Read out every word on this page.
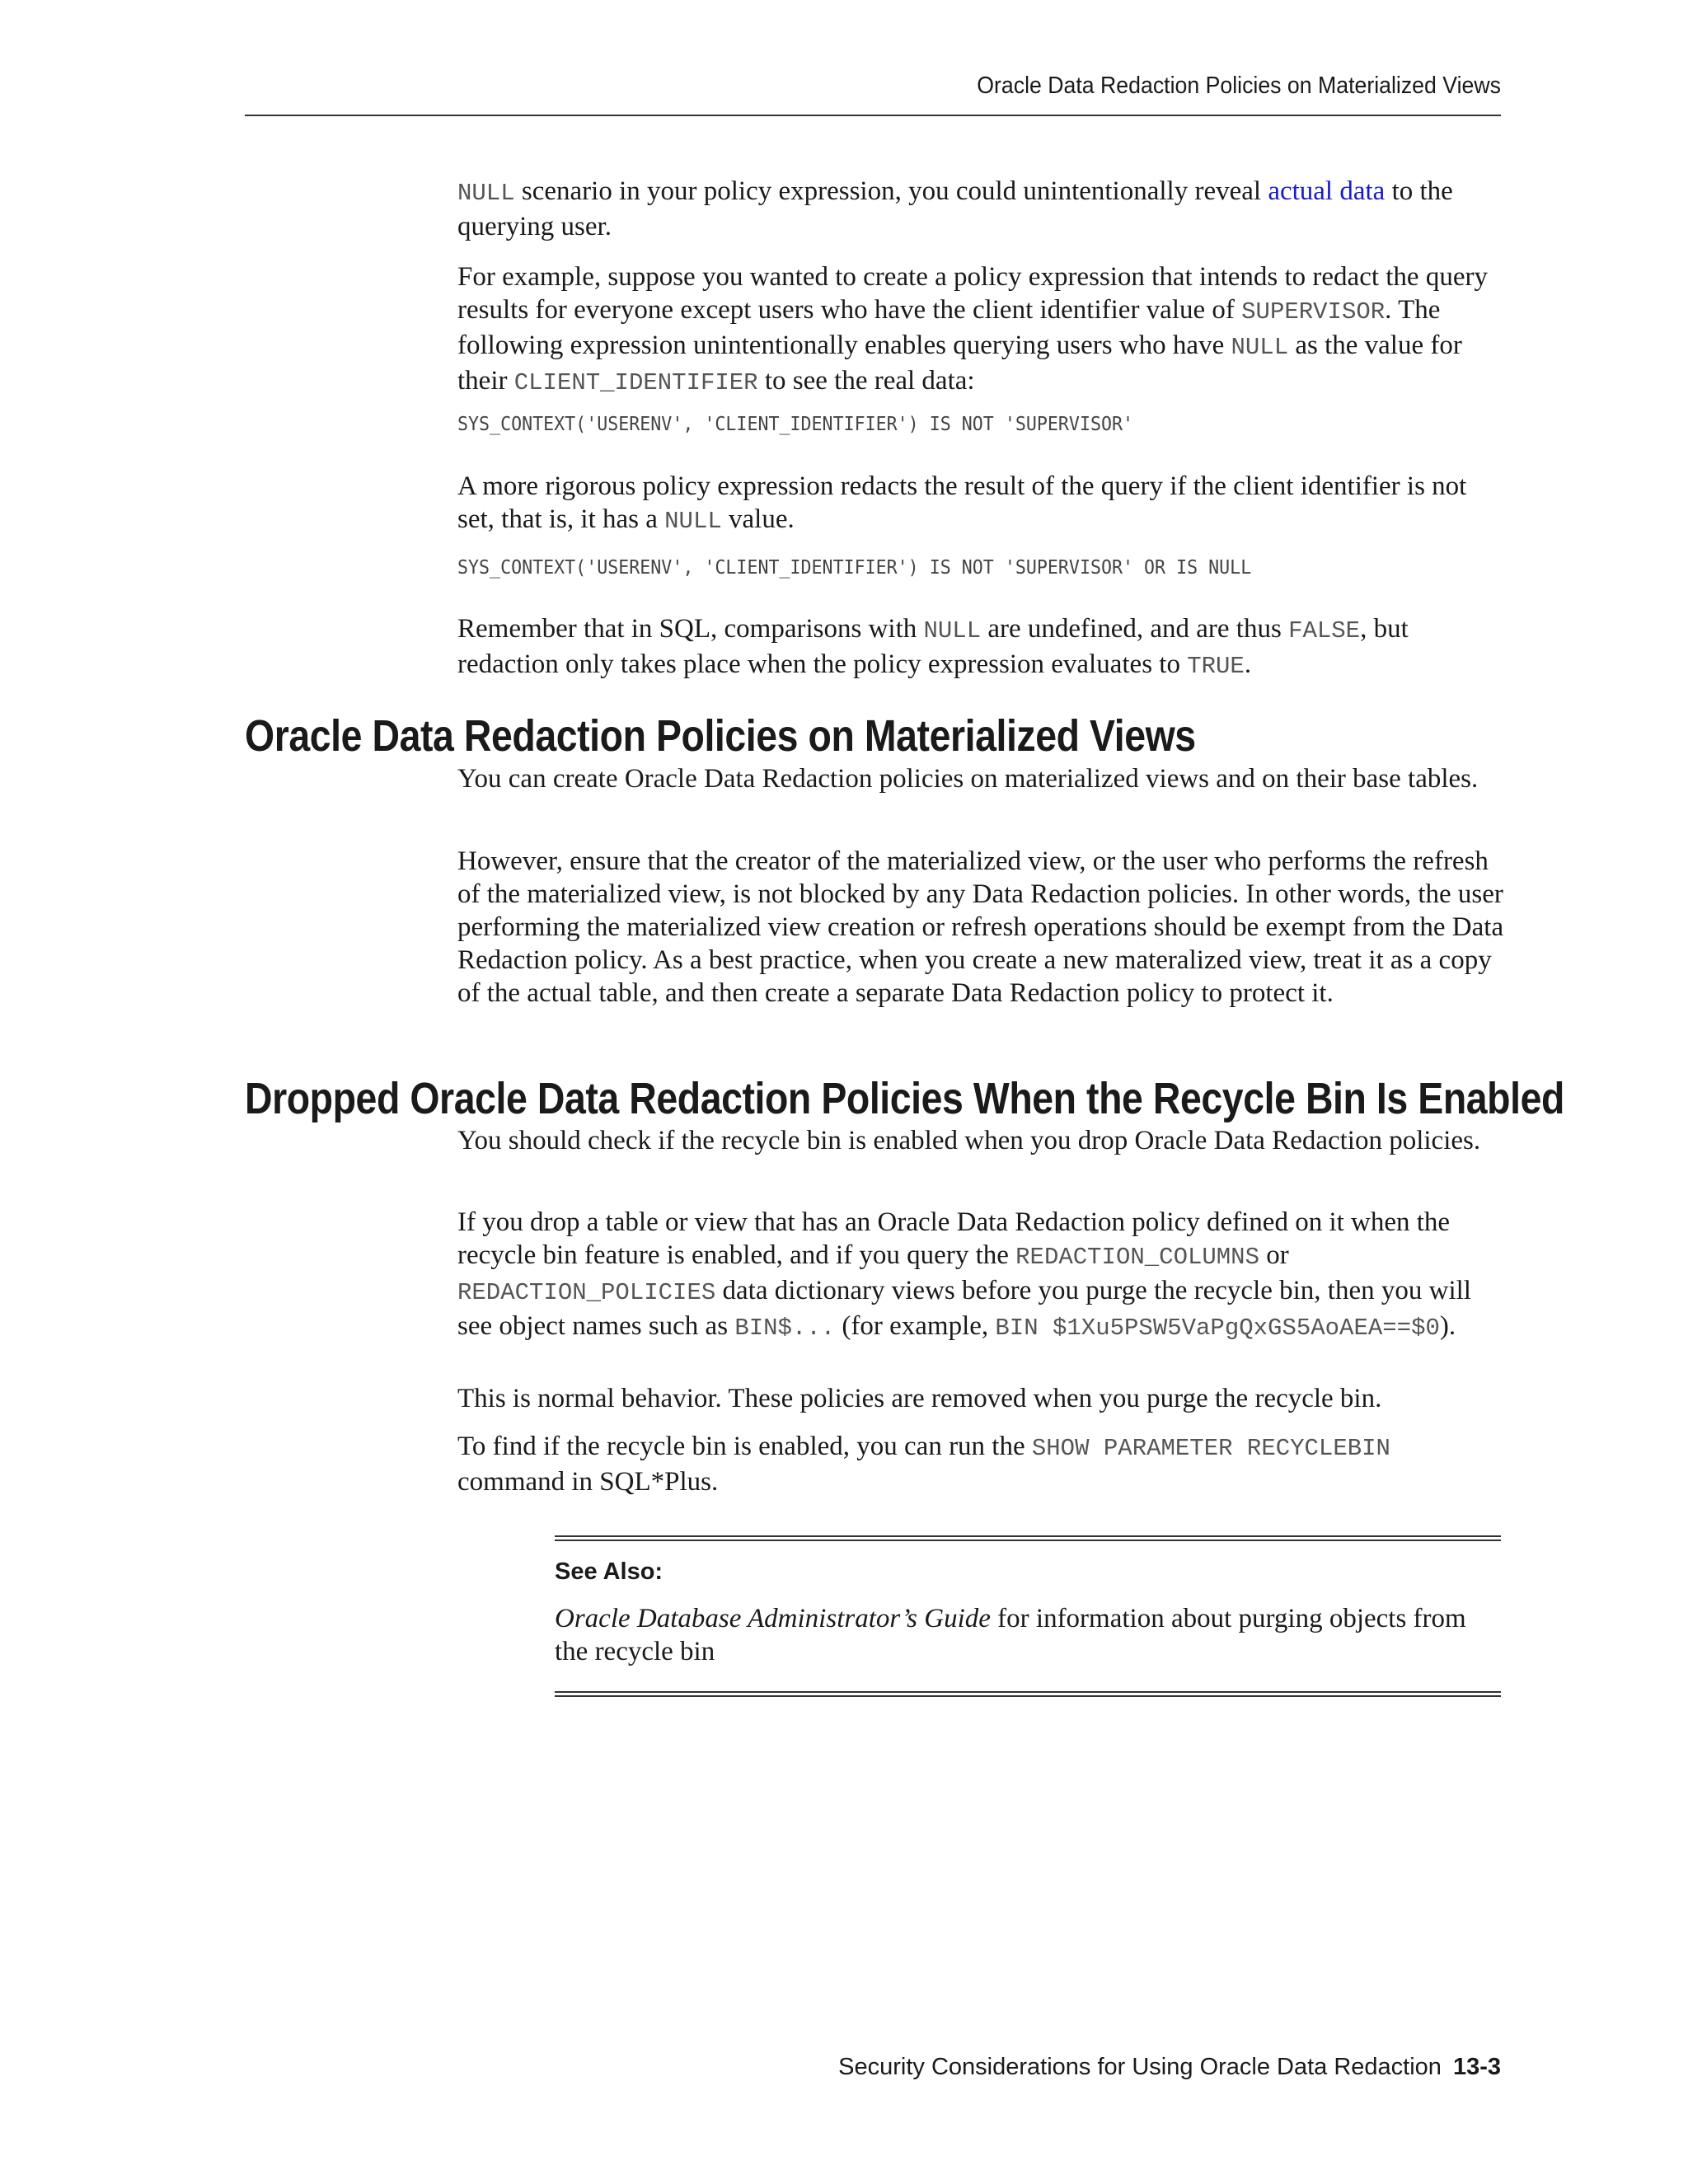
Oracle Data Redaction Policies on Materialized Views

NULL scenario in your policy expression, you could unintentionally reveal actual data to the querying user.

For example, suppose you wanted to create a policy expression that intends to redact the query results for everyone except users who have the client identifier value of SUPERVISOR. The following expression unintentionally enables querying users who have NULL as the value for their CLIENT_IDENTIFIER to see the real data:

SYS_CONTEXT('USERENV', 'CLIENT_IDENTIFIER') IS NOT 'SUPERVISOR'

A more rigorous policy expression redacts the result of the query if the client identifier is not set, that is, it has a NULL value.

SYS_CONTEXT('USERENV', 'CLIENT_IDENTIFIER') IS NOT 'SUPERVISOR' OR IS NULL

Remember that in SQL, comparisons with NULL are undefined, and are thus FALSE, but redaction only takes place when the policy expression evaluates to TRUE.

Oracle Data Redaction Policies on Materialized Views

You can create Oracle Data Redaction policies on materialized views and on their base tables.

However, ensure that the creator of the materialized view, or the user who performs the refresh of the materialized view, is not blocked by any Data Redaction policies. In other words, the user performing the materialized view creation or refresh operations should be exempt from the Data Redaction policy. As a best practice, when you create a new materalized view, treat it as a copy of the actual table, and then create a separate Data Redaction policy to protect it.

Dropped Oracle Data Redaction Policies When the Recycle Bin Is Enabled

You should check if the recycle bin is enabled when you drop Oracle Data Redaction policies.

If you drop a table or view that has an Oracle Data Redaction policy defined on it when the recycle bin feature is enabled, and if you query the REDACTION_COLUMNS or REDACTION_POLICIES data dictionary views before you purge the recycle bin, then you will see object names such as BIN$... (for example, BIN $1Xu5PSW5VaPgQxGS5AoAEA==$0).

This is normal behavior. These policies are removed when you purge the recycle bin.

To find if the recycle bin is enabled, you can run the SHOW PARAMETER RECYCLEBIN command in SQL*Plus.

See Also:
Oracle Database Administrator’s Guide for information about purging objects from the recycle bin
Security Considerations for Using Oracle Data Redaction 13-3
